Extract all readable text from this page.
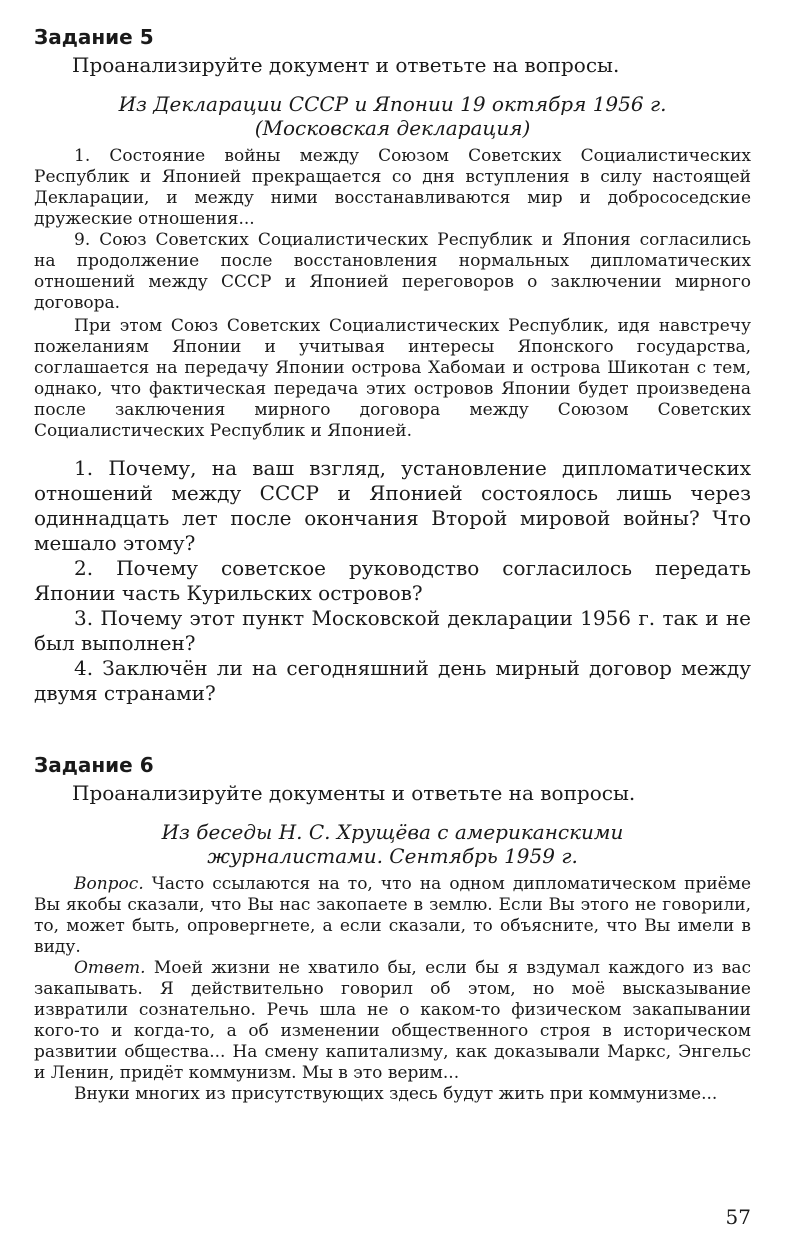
Задание 5

Проанализируйте документ и ответьте на вопросы.

Из Декларации СССР и Японии 19 октября 1956 г.
(Московская декларация)

1. Состояние войны между Союзом Советских Социалистических Республик и Японией прекращается со дня вступления в силу настоящей Декларации, и между ними восстанавливаются мир и добрососедские дружеские отношения...

9. Союз Советских Социалистических Республик и Япония согласились на продолжение после восстановления нормальных дипломатических отношений между СССР и Японией переговоров о заключении мирного договора.

При этом Союз Советских Социалистических Республик, идя навстречу пожеланиям Японии и учитывая интересы Японского государства, соглашается на передачу Японии острова Хабомаи и острова Шикотан с тем, однако, что фактическая передача этих островов Японии будет произведена после заключения мирного договора между Союзом Советских Социалистических Республик и Японией.

1. Почему, на ваш взгляд, установление дипломатических отношений между СССР и Японией состоялось лишь через одиннадцать лет после окончания Второй мировой войны? Что мешало этому?

2. Почему советское руководство согласилось передать Японии часть Курильских островов?

3. Почему этот пункт Московской декларации 1956 г. так и не был выполнен?

4. Заключён ли на сегодняшний день мирный договор между двумя странами?

Задание 6

Проанализируйте документы и ответьте на вопросы.

Из беседы Н. С. Хрущёва с американскими
журналистами. Сентябрь 1959 г.

Вопрос. Часто ссылаются на то, что на одном дипломатическом приёме Вы якобы сказали, что Вы нас закопаете в землю. Если Вы этого не говорили, то, может быть, опровергнете, а если сказали, то объясните, что Вы имели в виду.

Ответ. Моей жизни не хватило бы, если бы я вздумал каждого из вас закапывать. Я действительно говорил об этом, но моё высказывание извратили сознательно. Речь шла не о каком-то физическом закапывании кого-то и когда-то, а об изменении общественного строя в историческом развитии общества... На смену капитализму, как доказывали Маркс, Энгельс и Ленин, придёт коммунизм. Мы в это верим...

Внуки многих из присутствующих здесь будут жить при коммунизме...

57
